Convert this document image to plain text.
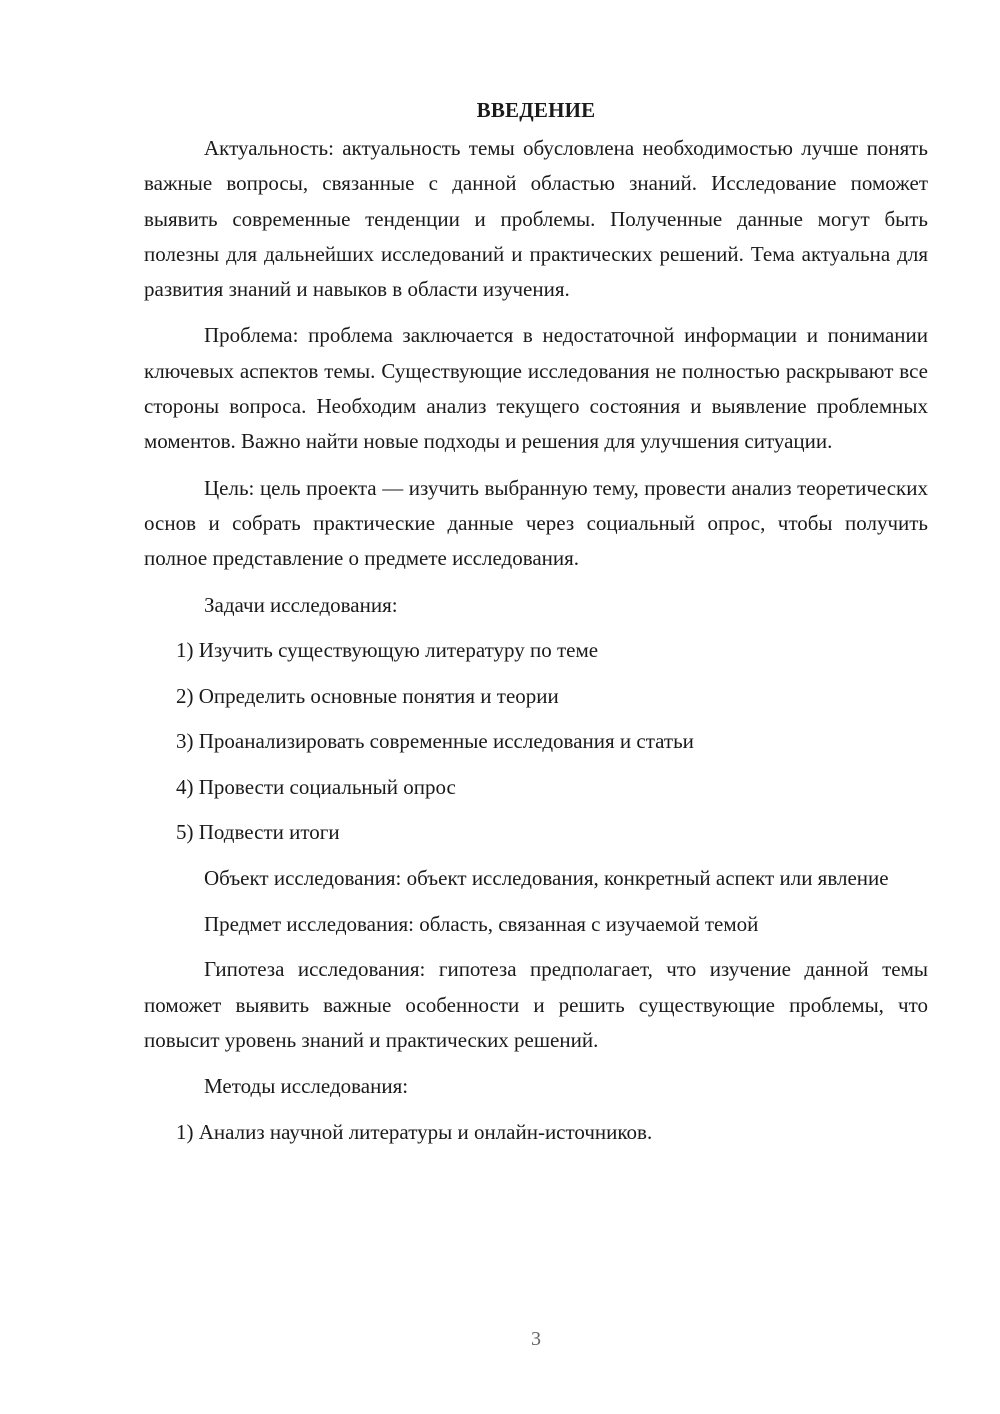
ВВЕДЕНИЕ

Актуальность: актуальность темы обусловлена необходимостью лучше понять важные вопросы, связанные с данной областью знаний. Исследование поможет выявить современные тенденции и проблемы. Полученные данные могут быть полезны для дальнейших исследований и практических решений. Тема актуальна для развития знаний и навыков в области изучения.

Проблема: проблема заключается в недостаточной информации и понимании ключевых аспектов темы. Существующие исследования не полностью раскрывают все стороны вопроса. Необходим анализ текущего состояния и выявление проблемных моментов. Важно найти новые подходы и решения для улучшения ситуации.

Цель: цель проекта — изучить выбранную тему, провести анализ теоретических основ и собрать практические данные через социальный опрос, чтобы получить полное представление о предмете исследования.

Задачи исследования:
1) Изучить существующую литературу по теме
2) Определить основные понятия и теории
3) Проанализировать современные исследования и статьи
4) Провести социальный опрос
5) Подвести итоги

Объект исследования: объект исследования, конкретный аспект или явление

Предмет исследования: область, связанная с изучаемой темой

Гипотеза исследования: гипотеза предполагает, что изучение данной темы поможет выявить важные особенности и решить существующие проблемы, что повысит уровень знаний и практических решений.

Методы исследования:
1) Анализ научной литературы и онлайн-источников.
3
